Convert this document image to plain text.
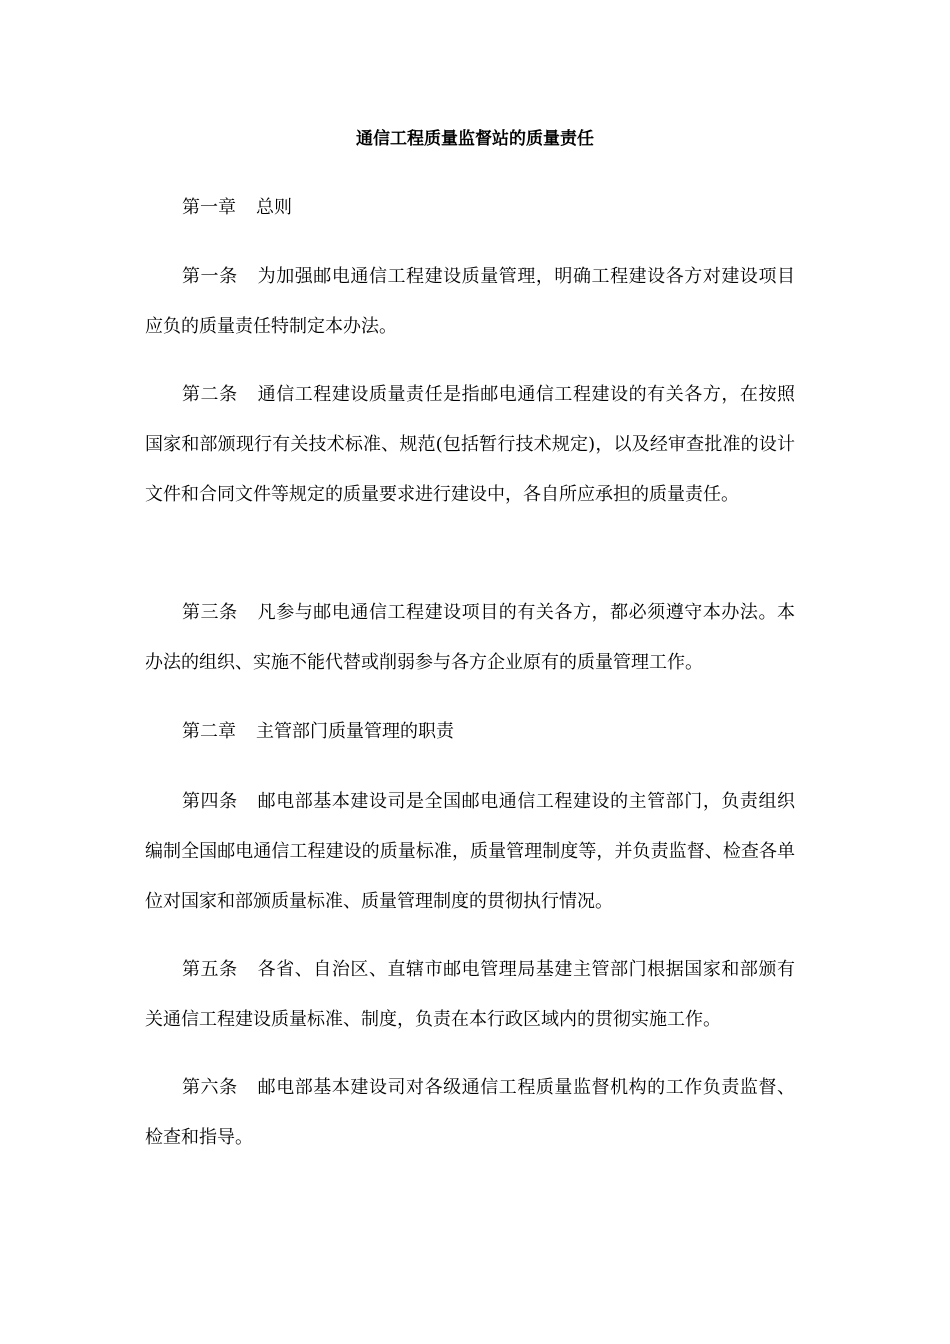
通信工程质量监督站的质量责任

第一章 总则

第一条 为加强邮电通信工程建设质量管理，明确工程建设各方对建设项目应负的质量责任特制定本办法。

第二条 通信工程建设质量责任是指邮电通信工程建设的有关各方，在按照国家和部颁现行有关技术标准、规范(包括暂行技术规定)，以及经审查批准的设计文件和合同文件等规定的质量要求进行建设中，各自所应承担的质量责任。

第三条 凡参与邮电通信工程建设项目的有关各方，都必须遵守本办法。本办法的组织、实施不能代替或削弱参与各方企业原有的质量管理工作。

第二章 主管部门质量管理的职责

第四条 邮电部基本建设司是全国邮电通信工程建设的主管部门，负责组织编制全国邮电通信工程建设的质量标准，质量管理制度等，并负责监督、检查各单位对国家和部颁质量标准、质量管理制度的贯彻执行情况。

第五条 各省、自治区、直辖市邮电管理局基建主管部门根据国家和部颁有关通信工程建设质量标准、制度，负责在本行政区域内的贯彻实施工作。

第六条 邮电部基本建设司对各级通信工程质量监督机构的工作负责监督、检查和指导。
